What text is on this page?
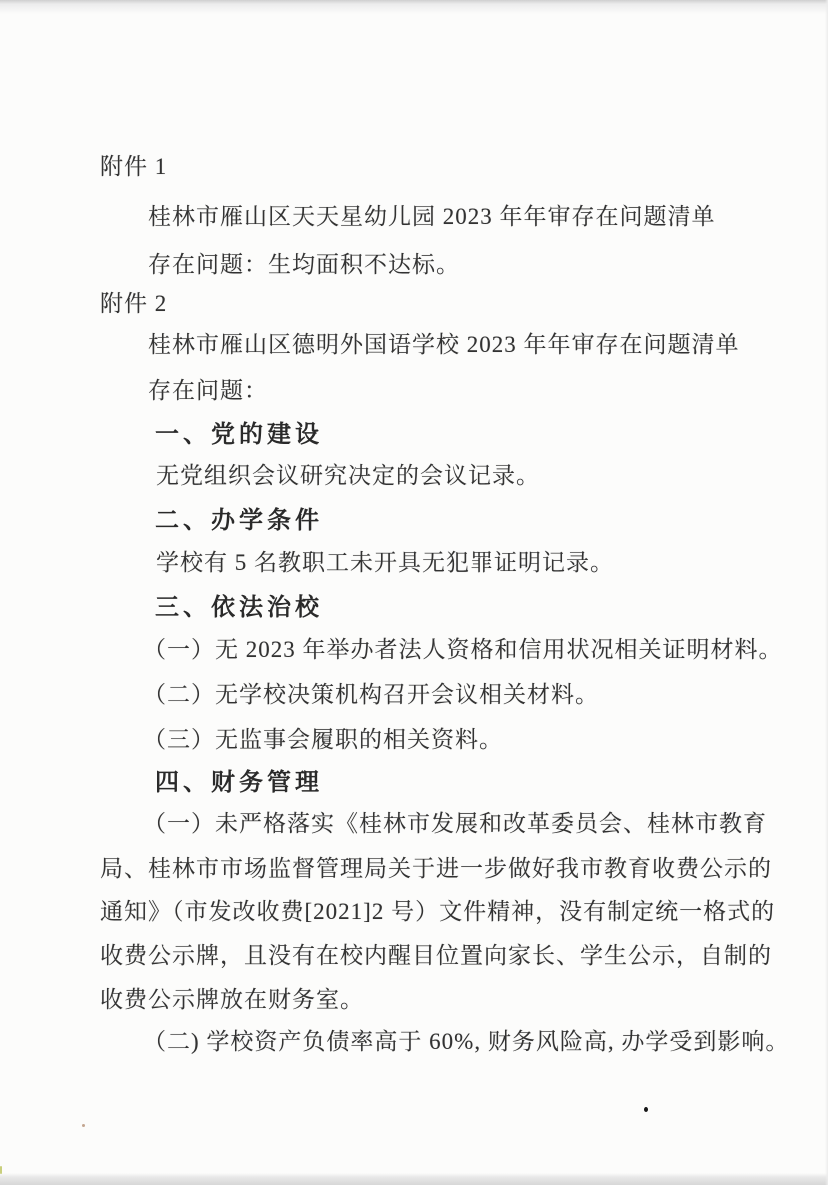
附件 1
桂林市雁山区天天星幼儿园 2023 年年审存在问题清单
存在问题：生均面积不达标。
附件 2
桂林市雁山区德明外国语学校 2023 年年审存在问题清单
存在问题：
一、党的建设
无党组织会议研究决定的会议记录。
二、办学条件
学校有 5 名教职工未开具无犯罪证明记录。
三、依法治校
（一）无 2023 年举办者法人资格和信用状况相关证明材料。
（二）无学校决策机构召开会议相关材料。
（三）无监事会履职的相关资料。
四、财务管理
（一）未严格落实《桂林市发展和改革委员会、桂林市教育
局、桂林市市场监督管理局关于进一步做好我市教育收费公示的
通知》（市发改收费[2021]2 号）文件精神，没有制定统一格式的
收费公示牌，且没有在校内醒目位置向家长、学生公示，自制的
收费公示牌放在财务室。
（二) 学校资产负债率高于 60%, 财务风险高, 办学受到影响。
